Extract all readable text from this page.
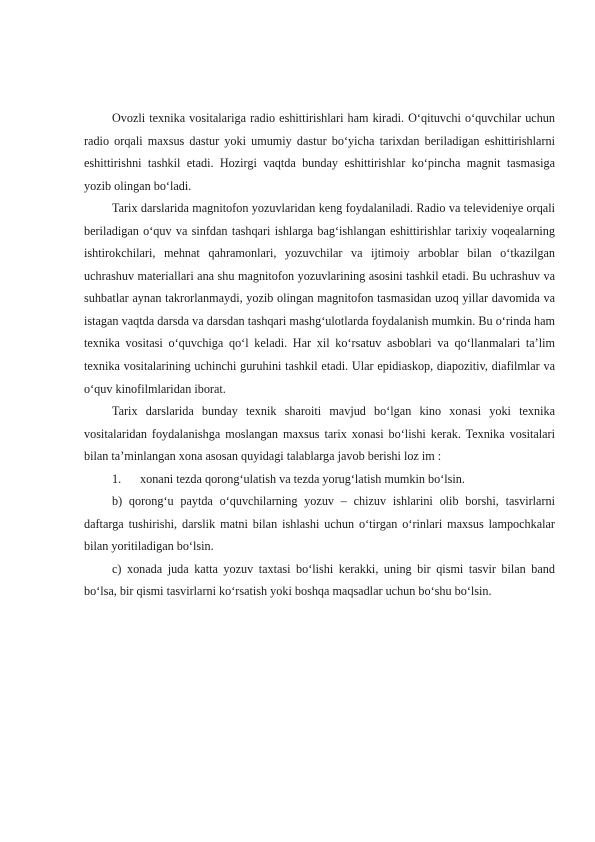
Ovozli texnika vositalariga radio eshittirishlari ham kiradi. O‘qituvchi o‘quvchilar uchun radio orqali maxsus dastur yoki umumiy dastur bo‘yicha tarixdan beriladigan eshittirishlarni eshittirishni tashkil etadi. Hozirgi vaqtda bunday eshittirishlar ko‘pincha magnit tasmasiga yozib olingan bo‘ladi.

Tarix darslarida magnitofon yozuvlaridan keng foydalaniladi. Radio va televideniye orqali beriladigan o‘quv va sinfdan tashqari ishlarga bag‘ishlangan eshittirishlar tarixiy voqealarning ishtirokchilari, mehnat qahramonlari, yozuvchilar va ijtimoiy arboblar bilan o‘tkazilgan uchrashuv materiallari ana shu magnitofon yozuvlarining asosini tashkil etadi. Bu uchrashuv va suhbatlar aynan takrorlanmaydi, yozib olingan magnitofon tasmasidan uzoq yillar davomida va istagan vaqtda darsda va darsdan tashqari mashg‘ulotlarda foydalanish mumkin. Bu o‘rinda ham texnika vositasi o‘quvchiga qo‘l keladi. Har xil ko‘rsatuv asboblari va qo‘llanmalari ta’lim texnika vositalarining uchinchi guruhini tashkil etadi. Ular epidiaskop, diapozitiv, diafilmlar va o‘quv kinofilmlaridan iborat.

Tarix darslarida bunday texnik sharoiti mavjud bo‘lgan kino xonasi yoki texnika vositalaridan foydalanishga moslangan maxsus tarix xonasi bo‘lishi kerak. Texnika vositalari bilan ta’minlangan xona asosan quyidagi talablarga javob berishi loz im :

1. xonani tezda qorong‘ulatish va tezda yorug‘latish mumkin bo‘lsin.

b) qorong‘u paytda o‘quvchilarning yozuv – chizuv ishlarini olib borshi, tasvirlarni daftarga tushirishi, darslik matni bilan ishlashi uchun o‘tirgan o‘rinlari maxsus lampochkalar bilan yoritiladigan bo‘lsin.

c) xonada juda katta yozuv taxtasi bo‘lishi kerakki, uning bir qismi tasvir bilan band bo‘lsa, bir qismi tasvirlarni ko‘rsatish yoki boshqa maqsadlar uchun bo‘shu bo‘lsin.
